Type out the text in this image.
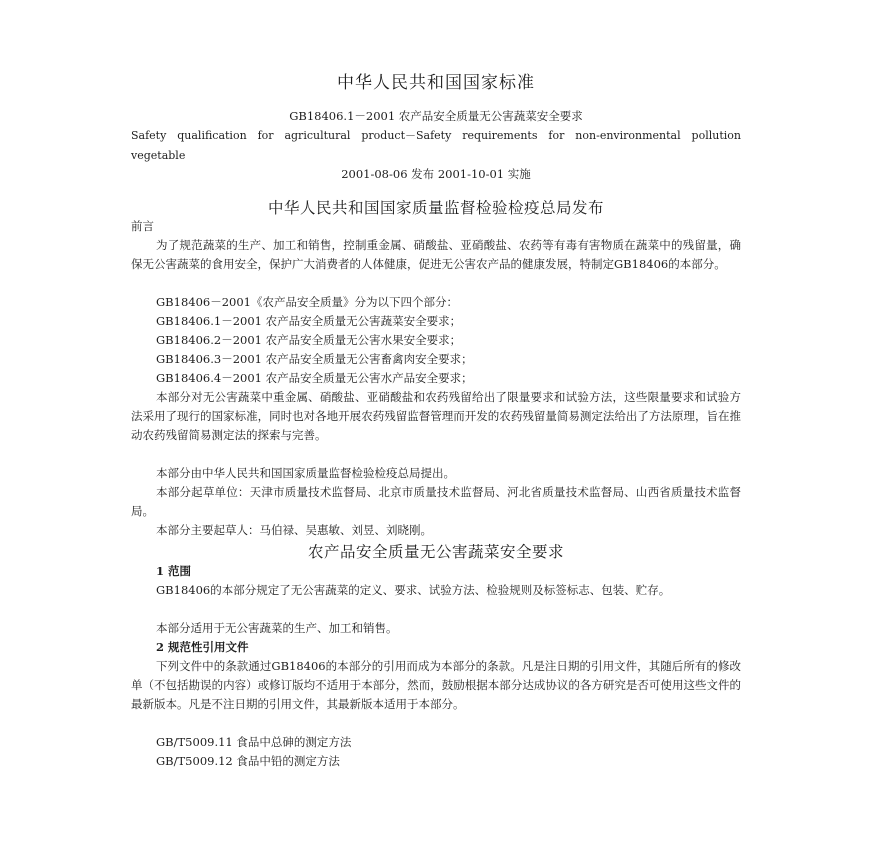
中华人民共和国国家标准
GB18406.1－2001 农产品安全质量无公害蔬菜安全要求
Safety qualification for agricultural product－Safety requirements for non-environmental pollution vegetable
2001-08-06 发布 2001-10-01 实施
中华人民共和国国家质量监督检验检疫总局发布
前言
为了规范蔬菜的生产、加工和销售，控制重金属、硝酸盐、亚硝酸盐、农药等有毒有害物质在蔬菜中的残留量，确保无公害蔬菜的食用安全，保护广大消费者的人体健康，促进无公害农产品的健康发展，特制定GB18406的本部分。
GB18406－2001《农产品安全质量》分为以下四个部分：
GB18406.1－2001 农产品安全质量无公害蔬菜安全要求；
GB18406.2－2001 农产品安全质量无公害水果安全要求；
GB18406.3－2001 农产品安全质量无公害畜禽肉安全要求；
GB18406.4－2001 农产品安全质量无公害水产品安全要求；
本部分对无公害蔬菜中重金属、硝酸盐、亚硝酸盐和农药残留给出了限量要求和试验方法，这些限量要求和试验方法采用了现行的国家标准，同时也对各地开展农药残留监督管理而开发的农药残留量简易测定法给出了方法原理，旨在推动农药残留简易测定法的探索与完善。
本部分由中华人民共和国国家质量监督检验检疫总局提出。
本部分起草单位：天津市质量技术监督局、北京市质量技术监督局、河北省质量技术监督局、山西省质量技术监督局。
本部分主要起草人：马伯禄、吴惠敏、刘昱、刘晓刚。
农产品安全质量无公害蔬菜安全要求
1 范围
GB18406的本部分规定了无公害蔬菜的定义、要求、试验方法、检验规则及标签标志、包装、贮存。
本部分适用于无公害蔬菜的生产、加工和销售。
2 规范性引用文件
下列文件中的条款通过GB18406的本部分的引用而成为本部分的条款。凡是注日期的引用文件，其随后所有的修改单（不包括勘误的内容）或修订版均不适用于本部分，然而，鼓励根据本部分达成协议的各方研究是否可使用这些文件的最新版本。凡是不注日期的引用文件，其最新版本适用于本部分。
GB/T5009.11 食品中总砷的测定方法
GB/T5009.12 食品中铅的测定方法
